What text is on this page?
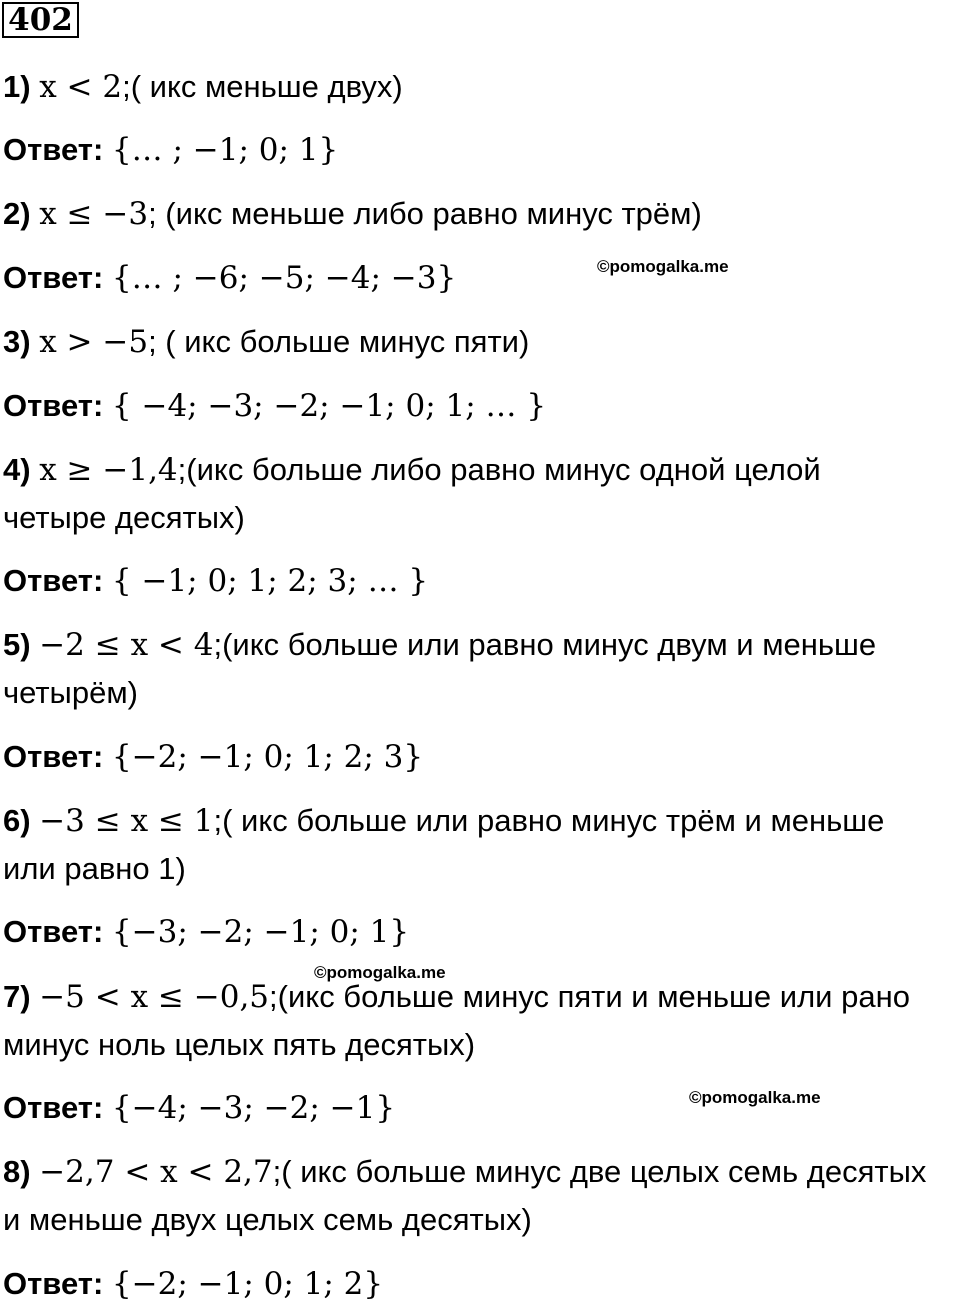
402
1) x < 2;( икс меньше двух)
Ответ: {… ; −1; 0; 1}
2) x ≤ −3; (икс меньше либо равно минус трём)
Ответ: {… ; −6; −5; −4; −3}	©pomogalka.me
3) x > −5; ( икс больше минус пяти)
Ответ: { −4; −3; −2; −1; 0; 1; … }
4) x ≥ −1,4;(икс больше либо равно минус одной целой
четыре десятых)
Ответ: { −1; 0; 1; 2; 3; … }
5) −2 ≤ x < 4;(икс больше или равно минус двум и меньше
четырём)
Ответ: {−2; −1; 0; 1; 2; 3}
6) −3 ≤ x ≤ 1;( икс больше или равно минус трём и меньше
или равно 1)
Ответ: {−3; −2; −1; 0; 1}
©pomogalka.me
7) −5 < x ≤ −0,5;(икс больше минус пяти и меньше или рано
минус ноль целых пять десятых)
Ответ: {−4; −3; −2; −1}	©pomogalka.me
8) −2,7 < x < 2,7;( икс больше минус две целых семь десятых
и меньше двух целых семь десятых)
Ответ: {−2; −1; 0; 1; 2}
